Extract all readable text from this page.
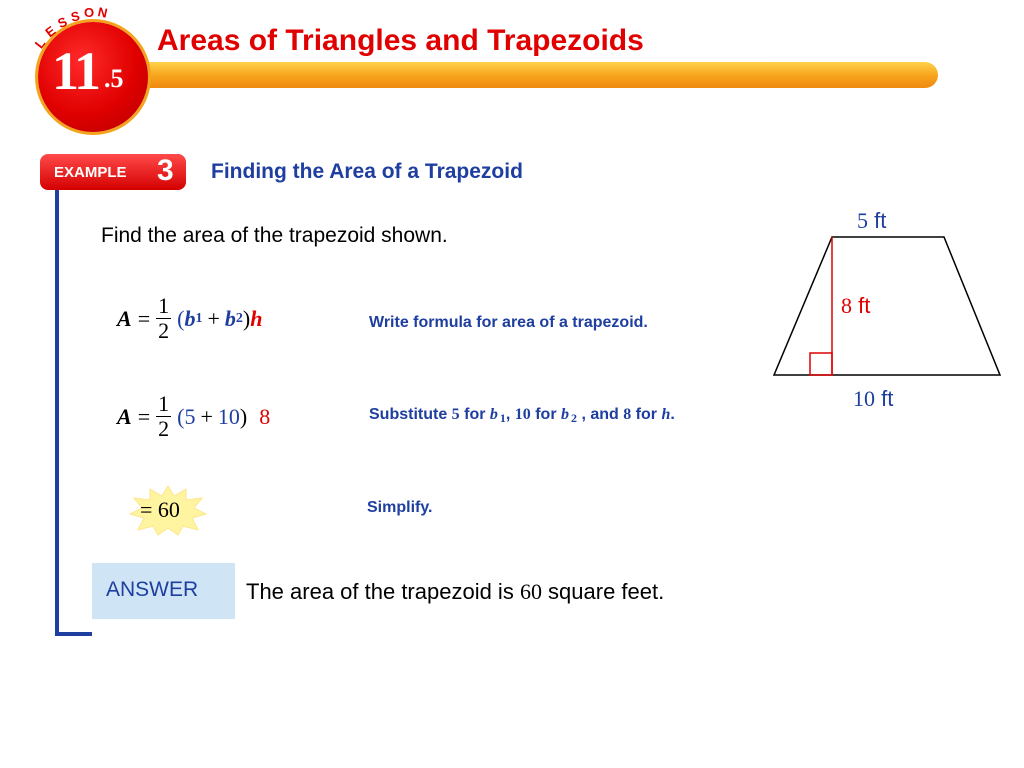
11 .5
L
E
S S O N
Areas of Triangles and Trapezoids
EXAMPLE 3 Finding the Area of a Trapezoid
Find the area of the trapezoid shown.
$A = \frac{1}{2}$ ( b 1 + b 2 ) h	Write formula for area of a trapezoid.
$A = \frac{1}{2}$ ( 5 + 10 ) 8	Substitute 5 for b 1, 10 for b 2 , and 8 for h.
= 60	Simplify.
ANSWER The area of the trapezoid is 60 square feet.
5 ft
8 ft
10 ft
